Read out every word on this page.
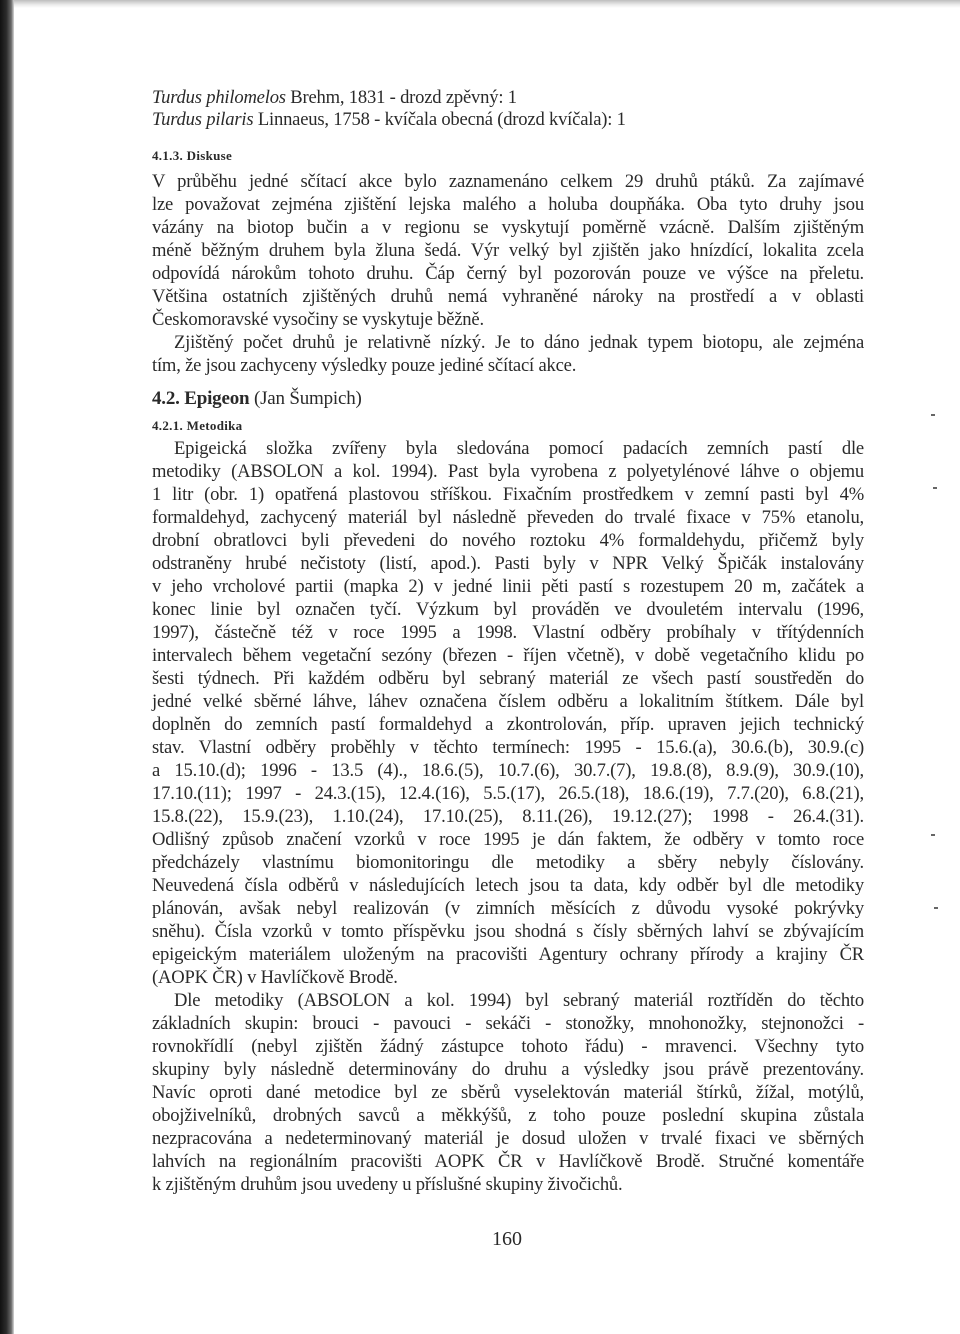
Turdus philomelos Brehm, 1831 - drozd zpěvný: 1
Turdus pilaris Linnaeus, 1758 - kvíčala obecná (drozd kvíčala): 1
4.1.3. Diskuse
V průběhu jedné sčítací akce bylo zaznamenáno celkem 29 druhů ptáků. Za zajímavé
lze považovat zejména zjištění lejska malého a holuba doupňáka. Oba tyto druhy jsou
vázány na biotop bučin a v regionu se vyskytují poměrně vzácně. Dalším zjištěným
méně běžným druhem byla žluna šedá. Výr velký byl zjištěn jako hnízdící, lokalita zcela
odpovídá nárokům tohoto druhu. Čáp černý byl pozorován pouze ve výšce na přeletu.
Většina ostatních zjištěných druhů nemá vyhraněné nároky na prostředí a v oblasti
Českomoravské vysočiny se vyskytuje běžně.
Zjištěný počet druhů je relativně nízký. Je to dáno jednak typem biotopu, ale zejména
tím, že jsou zachyceny výsledky pouze jediné sčítací akce.
4.2. Epigeon (Jan Šumpich)
4.2.1. Metodika
Epigeická složka zvířeny byla sledována pomocí padacích zemních pastí dle
metodiky (ABSOLON a kol. 1994). Past byla vyrobena z polyetylénové láhve o objemu
1 litr (obr. 1) opatřená plastovou stříškou. Fixačním prostředkem v zemní pasti byl 4%
formaldehyd, zachycený materiál byl následně převeden do trvalé fixace v 75% etanolu,
drobní obratlovci byli převedeni do nového roztoku 4% formaldehydu, přičemž byly
odstraněny hrubé nečistoty (listí, apod.). Pasti byly v NPR Velký Špičák instalovány
v jeho vrcholové partii (mapka 2) v jedné linii pěti pastí s rozestupem 20 m, začátek a
konec linie byl označen tyčí. Výzkum byl prováděn ve dvouletém intervalu (1996,
1997), částečně též v roce 1995 a 1998. Vlastní odběry probíhaly v třítýdenních
intervalech během vegetační sezóny (březen - říjen včetně), v době vegetačního klidu po
šesti týdnech. Při každém odběru byl sebraný materiál ze všech pastí soustředěn do
jedné velké sběrné láhve, láhev označena číslem odběru a lokalitním štítkem. Dále byl
doplněn do zemních pastí formaldehyd a zkontrolován, příp. upraven jejich technický
stav. Vlastní odběry proběhly v těchto termínech: 1995 - 15.6.(a), 30.6.(b), 30.9.(c)
a 15.10.(d); 1996 - 13.5 (4)., 18.6.(5), 10.7.(6), 30.7.(7), 19.8.(8), 8.9.(9), 30.9.(10),
17.10.(11); 1997 - 24.3.(15), 12.4.(16), 5.5.(17), 26.5.(18), 18.6.(19), 7.7.(20), 6.8.(21),
15.8.(22), 15.9.(23), 1.10.(24), 17.10.(25), 8.11.(26), 19.12.(27); 1998 - 26.4.(31).
Odlišný způsob značení vzorků v roce 1995 je dán faktem, že odběry v tomto roce
předcházely vlastnímu biomonitoringu dle metodiky a sběry nebyly číslovány.
Neuvedená čísla odběrů v následujících letech jsou ta data, kdy odběr byl dle metodiky
plánován, avšak nebyl realizován (v zimních měsících z důvodu vysoké pokrývky
sněhu). Čísla vzorků v tomto příspěvku jsou shodná s čísly sběrných lahví se zbývajícím
epigeickým materiálem uloženým na pracovišti Agentury ochrany přírody a krajiny ČR
(AOPK ČR) v Havlíčkově Brodě.
Dle metodiky (ABSOLON a kol. 1994) byl sebraný materiál roztříděn do těchto
základních skupin: brouci - pavouci - sekáči - stonožky, mnohonožky, stejnonožci -
rovnokřídlí (nebyl zjištěn žádný zástupce tohoto řádu) - mravenci. Všechny tyto
skupiny byly následně determinovány do druhu a výsledky jsou právě prezentovány.
Navíc oproti dané metodice byl ze sběrů vyselektován materiál štírků, žížal, motýlů,
obojživelníků, drobných savců a měkkýšů, z toho pouze poslední skupina zůstala
nezpracována a nedeterminovaný materiál je dosud uložen v trvalé fixaci ve sběrných
lahvích na regionálním pracovišti AOPK ČR v Havlíčkově Brodě. Stručné komentáře
k zjištěným druhům jsou uvedeny u příslušné skupiny živočichů.
160
